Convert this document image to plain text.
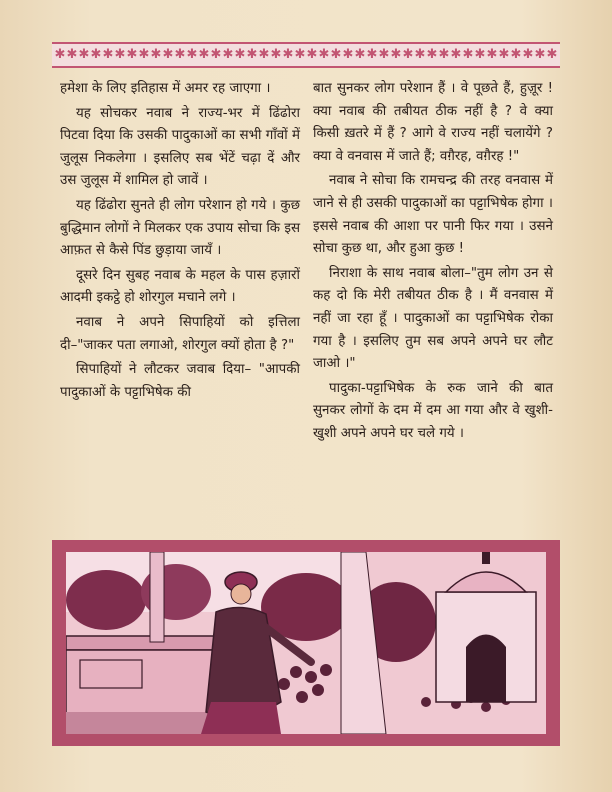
✱ ✱ ✱ ✱ ✱ ✱ ✱ ✱ ✱ ✱ ✱ ✱ ✱ ✱ ✱ ✱ ✱ ✱ ✱ ✱ ✱ ✱ ✱ ✱ ✱ ✱ ✱ ✱ ✱ ✱ ✱ ✱ ✱ ✱ ✱ ✱ ✱ ✱ ✱ ✱ ✱ ✱

हमेशा के लिए इतिहास में अमर रह जाएगा ।

यह सोचकर नवाब ने राज्य-भर में ढिंढोरा पिटवा दिया कि उसकी पादुकाओं का सभी गाँवों में जुलूस निकलेगा । इसलिए सब भेंटें चढ़ा दें और उस जुलूस में शामिल हो जावें ।

यह ढिंढोरा सुनते ही लोग परेशान हो गये । कुछ बुद्धिमान लोगों ने मिलकर एक उपाय सोचा कि इस आफ़त से कैसे पिंड छुड़ाया जायँ ।

दूसरे दिन सुबह नवाब के महल के पास हज़ारों आदमी इकट्ठे हो शोरगुल मचाने लगे ।

नवाब ने अपने सिपाहियों को इत्तिला दी–"जाकर पता लगाओ, शोरगुल क्यों होता है ?"

सिपाहियों ने लौटकर जवाब दिया– "आपकी पादुकाओं के पट्टाभिषेक की

बात सुनकर लोग परेशान हैं । वे पूछते हैं, हुज़ूर ! क्या नवाब की तबीयत ठीक नहीं है ? वे क्या किसी ख़तरे में हैं ? आगे वे राज्य नहीं चलायेंगे ? क्या वे वनवास में जाते हैं; वग़ैरह, वग़ैरह !"

नवाब ने सोचा कि रामचन्द्र की तरह वनवास में जाने से ही उसकी पादुकाओं का पट्टाभिषेक होगा । इससे नवाब की आशा पर पानी फिर गया । उसने सोचा कुछ था, और हुआ कुछ !

निराशा के साथ नवाब बोला–"तुम लोग उन से कह दो कि मेरी तबीयत ठीक है । मैं वनवास में नहीं जा रहा हूँ । पादुकाओं का पट्टाभिषेक रोका गया है । इसलिए तुम सब अपने अपने घर लौट जाओ ।"

पादुका-पट्टाभिषेक के रुक जाने की बात सुनकर लोगों के दम में दम आ गया और वे खुशी-खुशी अपने अपने घर चले गये ।
